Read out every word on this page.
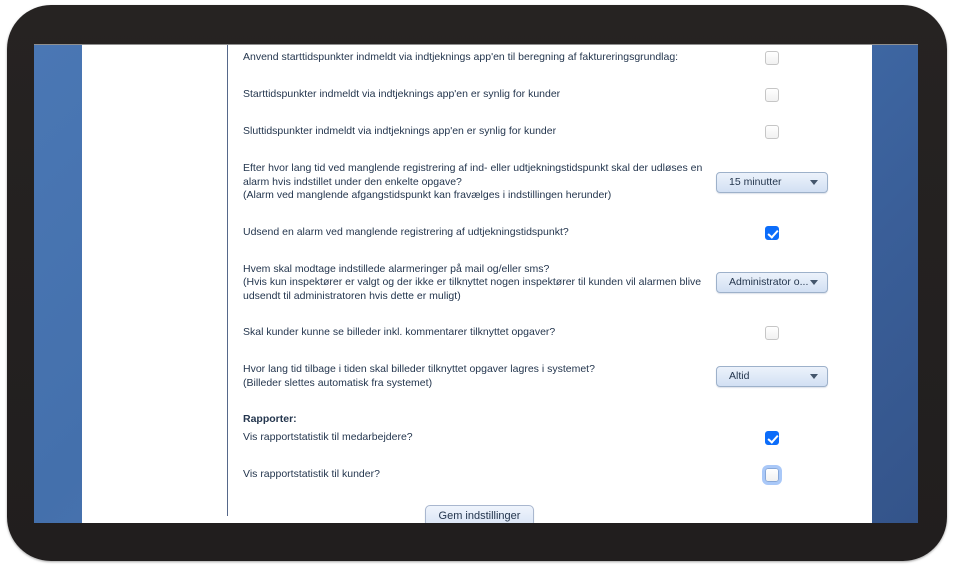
Anvend starttidspunkter indmeldt via indtjeknings app'en til beregning af faktureringsgrundlag:
Starttidspunkter indmeldt via indtjeknings app'en er synlig for kunder
Sluttidspunkter indmeldt via indtjeknings app'en er synlig for kunder
Efter hvor lang tid ved manglende registrering af ind- eller udtjekningstidspunkt skal der udløses en alarm hvis indstillet under den enkelte opgave?
(Alarm ved manglende afgangstidspunkt kan fravælges i indstillingen herunder)
15 minutter
Udsend en alarm ved manglende registrering af udtjekningstidspunkt?
Hvem skal modtage indstillede alarmeringer på mail og/eller sms?
(Hvis kun inspektører er valgt og der ikke er tilknyttet nogen inspektører til kunden vil alarmen blive udsendt til administratoren hvis dette er muligt)
Administrator o...
Skal kunder kunne se billeder inkl. kommentarer tilknyttet opgaver?
Hvor lang tid tilbage i tiden skal billeder tilknyttet opgaver lagres i systemet?
(Billeder slettes automatisk fra systemet)
Altid
Rapporter:
Vis rapportstatistik til medarbejdere?
Vis rapportstatistik til kunder?
Gem indstillinger
